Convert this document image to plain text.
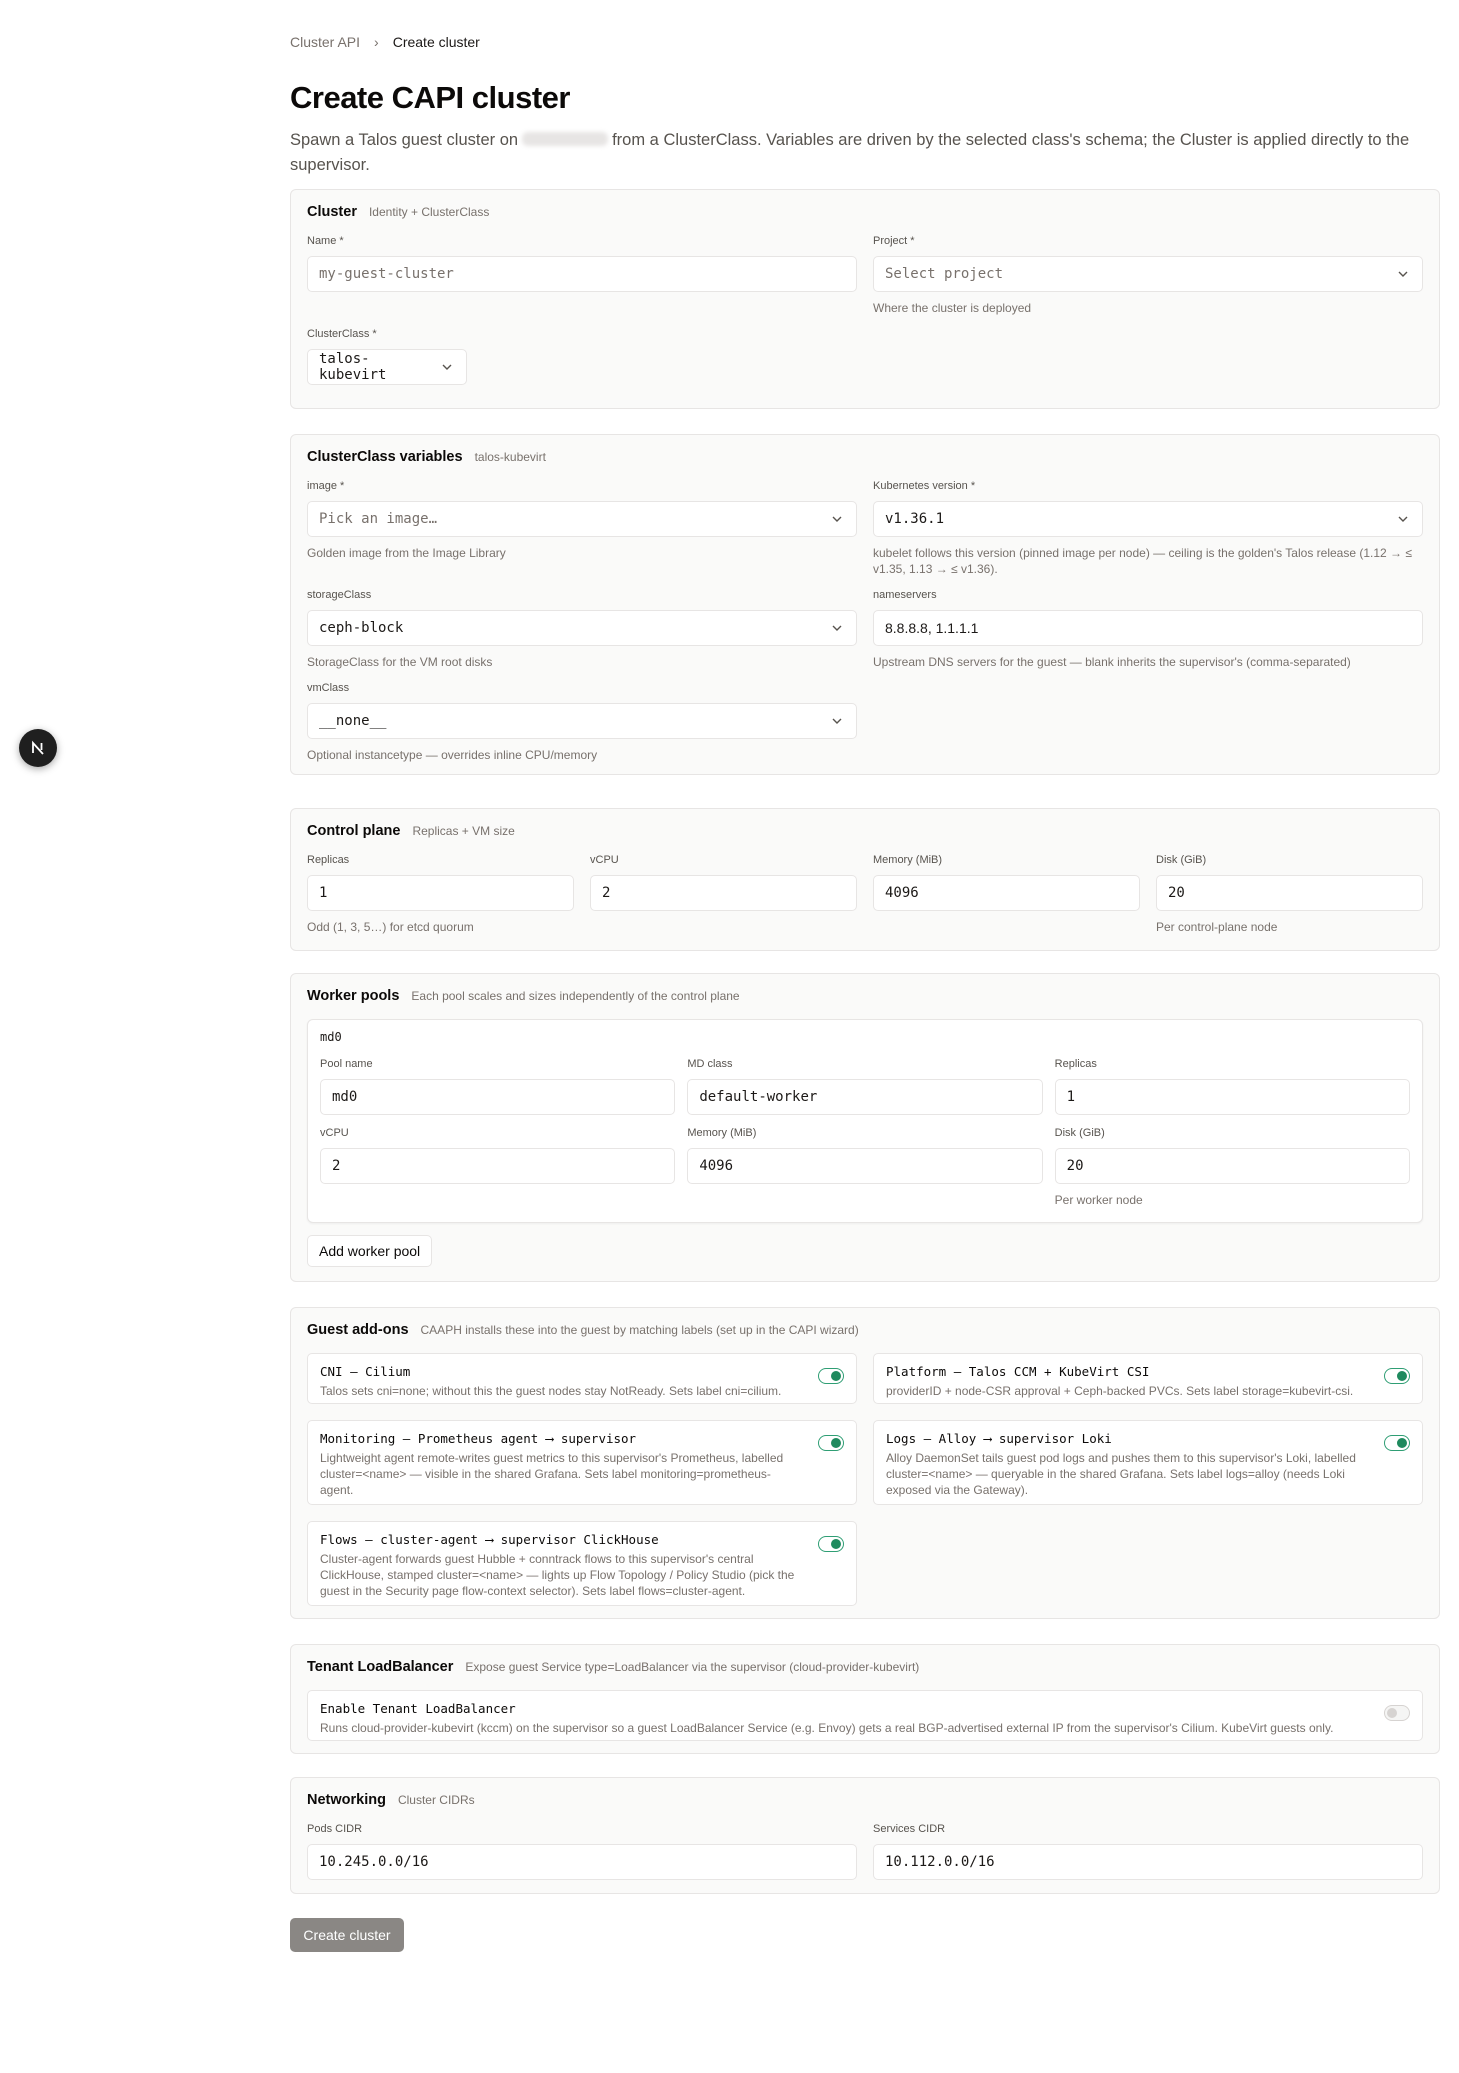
Cluster API › Create cluster
Create CAPI cluster

Spawn a Talos guest cluster on	from a ClusterClass. Variables are driven by the selected class's schema; the Cluster is applied directly to the supervisor.

Cluster Identity + ClusterClass
Name *
my-guest-cluster
Project *
Select project
Where the cluster is deployed
ClusterClass *
talos-kubevirt
ClusterClass variables talos-kubevirt
image *
Pick an image…
Golden image from the Image Library
Kubernetes version *
v1.36.1
kubelet follows this version (pinned image per node) — ceiling is the golden's Talos release (1.12 → ≤ v1.35, 1.13 → ≤ v1.36).
storageClass
ceph-block
StorageClass for the VM root disks
nameservers
8.8.8.8, 1.1.1.1
Upstream DNS servers for the guest — blank inherits the supervisor's (comma-separated)
vmClass
__none__
Optional instancetype — overrides inline CPU/memory
Control plane Replicas + VM size
Replicas
1
Odd (1, 3, 5…) for etcd quorum
vCPU
2
Memory (MiB)
4096
Disk (GiB)
20
Per control-plane node
Worker pools Each pool scales and sizes independently of the control plane
md0
Pool name
md0
MD class
default-worker
Replicas
1
vCPU
2
Memory (MiB)
4096
Disk (GiB)
20
Per worker node
Add worker pool
Guest add-ons CAAPH installs these into the guest by matching labels (set up in the CAPI wizard)
CNI — Cilium
Talos sets cni=none; without this the guest nodes stay NotReady. Sets label cni=cilium.
Platform — Talos CCM + KubeVirt CSI
providerID + node-CSR approval + Ceph-backed PVCs. Sets label storage=kubevirt-csi.
Monitoring — Prometheus agent ⟶ supervisor
Lightweight agent remote-writes guest metrics to this supervisor's Prometheus, labelled cluster=<name> — visible in the shared Grafana. Sets label monitoring=prometheus-agent.
Logs — Alloy ⟶ supervisor Loki
Alloy DaemonSet tails guest pod logs and pushes them to this supervisor's Loki, labelled cluster=<name> — queryable in the shared Grafana. Sets label logs=alloy (needs Loki exposed via the Gateway).
Flows — cluster-agent ⟶ supervisor ClickHouse
Cluster-agent forwards guest Hubble + conntrack flows to this supervisor's central ClickHouse, stamped cluster=<name> — lights up Flow Topology / Policy Studio (pick the guest in the Security page flow-context selector). Sets label flows=cluster-agent.
Tenant LoadBalancer Expose guest Service type=LoadBalancer via the supervisor (cloud-provider-kubevirt)
Enable Tenant LoadBalancer
Runs cloud-provider-kubevirt (kccm) on the supervisor so a guest LoadBalancer Service (e.g. Envoy) gets a real BGP-advertised external IP from the supervisor's Cilium. KubeVirt guests only.
Networking Cluster CIDRs
Pods CIDR
10.245.0.0/16
Services CIDR
10.112.0.0/16
Create cluster
